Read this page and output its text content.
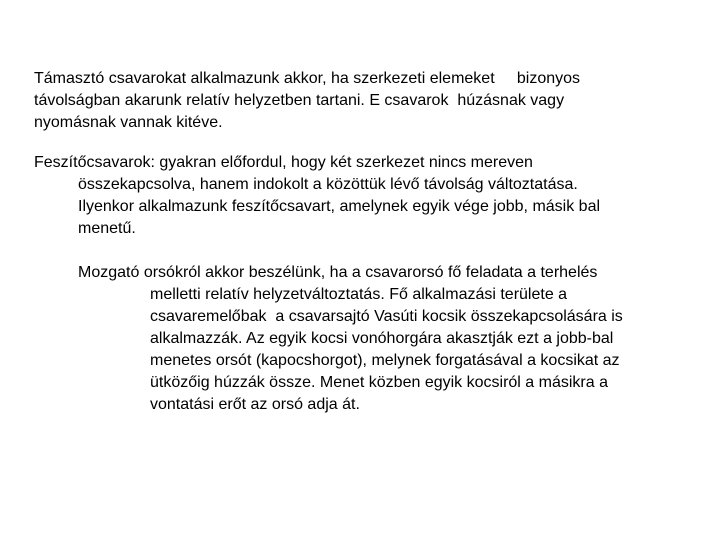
Támasztó csavarokat alkalmazunk akkor, ha szerkezeti elemeket     bizonyos

távolságban akarunk relatív helyzetben tartani. E csavarok  húzásnak vagy

nyomásnak vannak kitéve.

Feszítőcsavarok: gyakran előfordul, hogy két szerkezet nincs mereven

összekapcsolva, hanem indokolt a közöttük lévő távolság változtatása.

Ilyenkor alkalmazunk feszítőcsavart, amelynek egyik vége jobb, másik bal

menetű.

Mozgató orsókról akkor beszélünk, ha a csavarorsó fő feladata a terhelés

melletti relatív helyzetváltoztatás. Fő alkalmazási területe a

csavaremelőbak  a csavarsajtó Vasúti kocsik összekapcsolására is

alkalmazzák. Az egyik kocsi vonóhorgára akasztják ezt a jobb-bal

menetes orsót (kapocshorgot), melynek forgatásával a kocsikat az

ütközőig húzzák össze. Menet közben egyik kocsiról a másikra a

vontatási erőt az orsó adja át.
